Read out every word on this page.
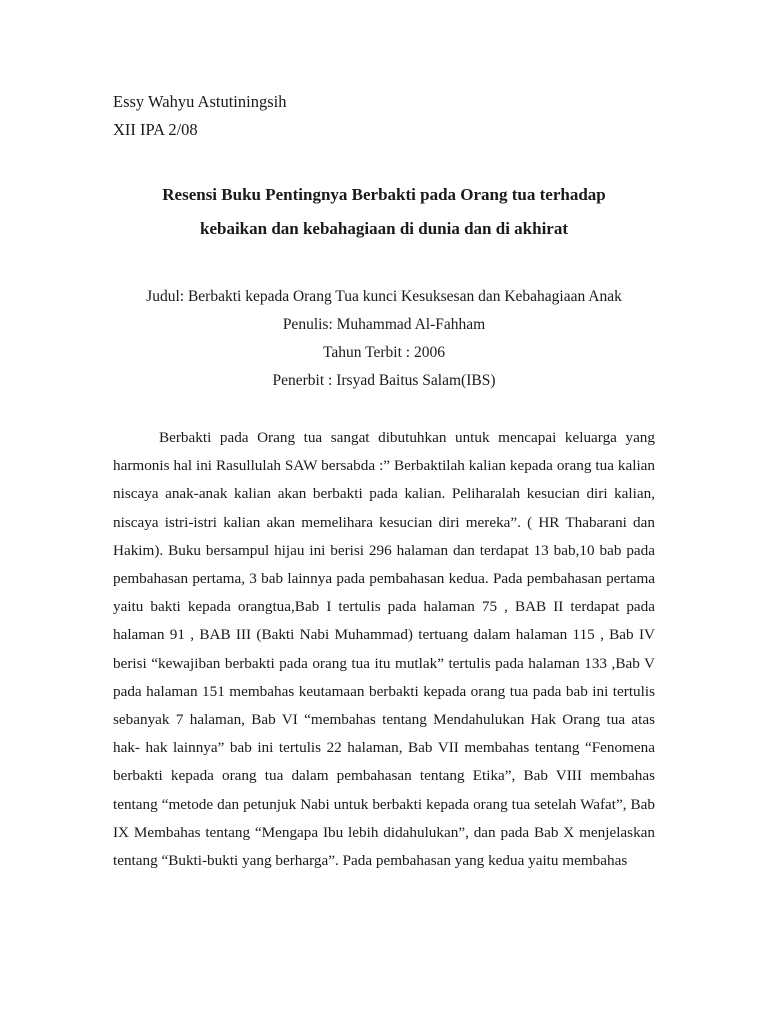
Essy Wahyu Astutiningsih
XII IPA 2/08
Resensi Buku Pentingnya Berbakti pada Orang tua terhadap
kebaikan dan kebahagiaan di dunia dan di akhirat
Judul: Berbakti kepada Orang Tua kunci Kesuksesan dan Kebahagiaan Anak
Penulis: Muhammad Al-Fahham
Tahun Terbit : 2006
Penerbit : Irsyad Baitus Salam(IBS)

Berbakti pada Orang tua sangat dibutuhkan untuk mencapai keluarga yang harmonis hal ini Rasullulah SAW bersabda :” Berbaktilah kalian kepada orang tua kalian niscaya anak-anak kalian akan berbakti pada kalian. Peliharalah kesucian diri kalian, niscaya istri-istri kalian akan memelihara kesucian diri mereka”. ( HR Thabarani dan Hakim). Buku bersampul hijau ini berisi 296 halaman dan terdapat 13 bab,10 bab pada pembahasan pertama, 3 bab lainnya pada pembahasan kedua. Pada pembahasan pertama yaitu bakti kepada orangtua,Bab I tertulis pada halaman 75 , BAB II terdapat pada halaman 91 , BAB III (Bakti Nabi Muhammad) tertuang dalam halaman 115 , Bab IV berisi “kewajiban berbakti pada orang tua itu mutlak” tertulis pada halaman 133 ,Bab V pada halaman 151 membahas keutamaan berbakti kepada orang tua pada bab ini tertulis sebanyak 7 halaman, Bab VI “membahas tentang Mendahulukan Hak Orang tua atas hak- hak lainnya” bab ini tertulis 22 halaman, Bab VII membahas tentang “Fenomena berbakti kepada orang tua dalam pembahasan tentang Etika”, Bab VIII membahas tentang “metode dan petunjuk Nabi untuk berbakti kepada orang tua setelah Wafat”, Bab IX Membahas tentang “Mengapa Ibu lebih didahulukan”, dan pada Bab X menjelaskan tentang “Bukti-bukti yang berharga”. Pada pembahasan yang kedua yaitu membahas
